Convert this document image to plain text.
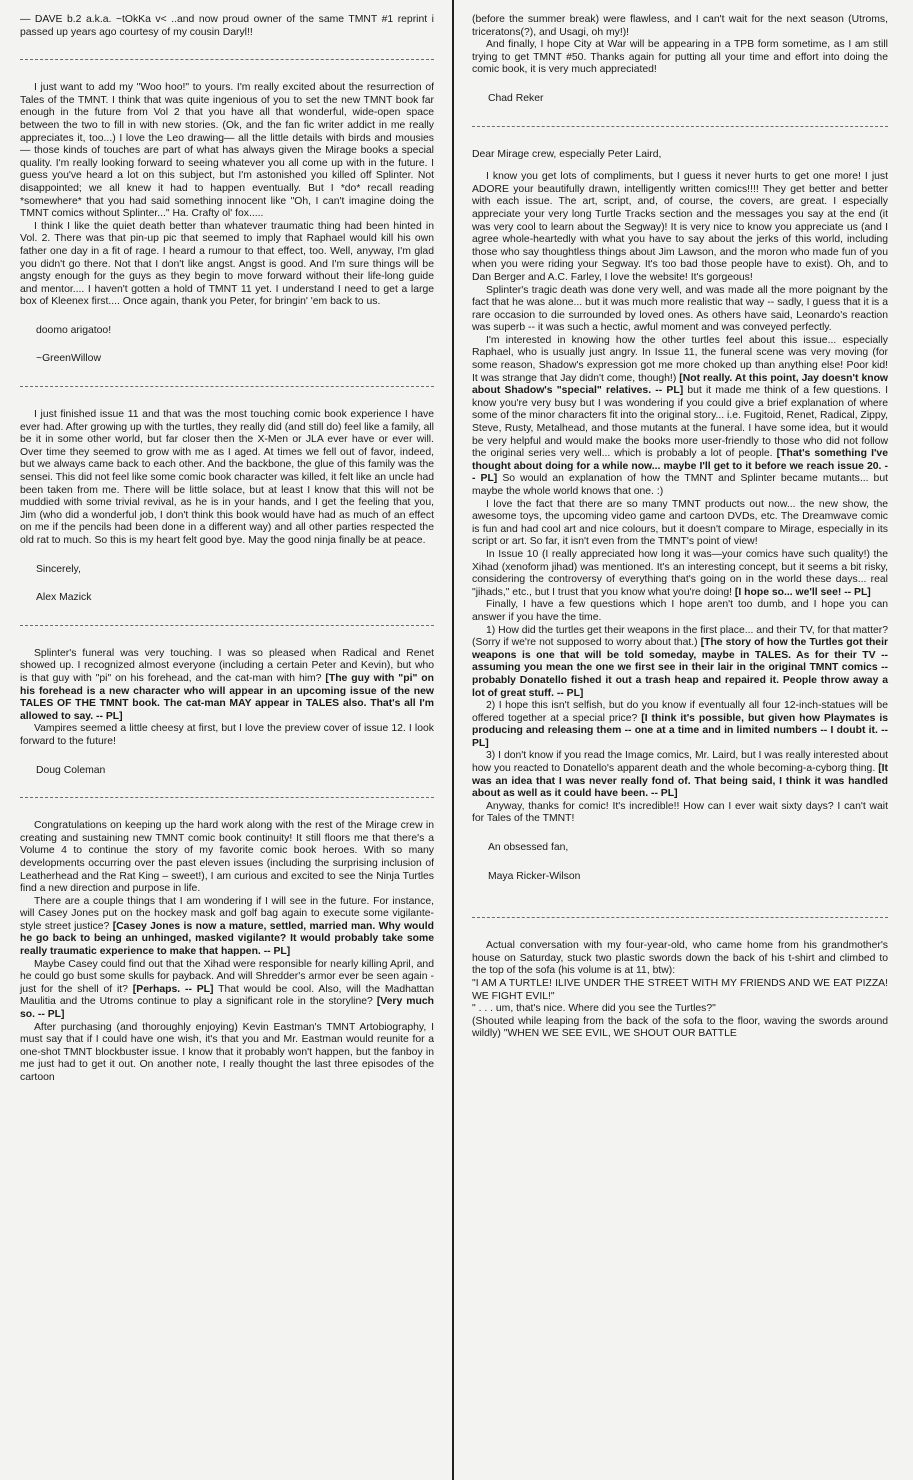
— DAVE b.2 a.k.a. ~tOkKa v< ..and now proud owner of the same TMNT #1 reprint i passed up years ago courtesy of my cousin Daryl!!

I just want to add my "Woo hoo!" to yours. I'm really excited about the resurrection of Tales of the TMNT. I think that was quite ingenious of you to set the new TMNT book far enough in the future from Vol 2 that you have all that wonderful, wide-open space between the two to fill in with new stories. (Ok, and the fan fic writer addict in me really appreciates it, too...) I love the Leo drawing— all the little details with birds and mousies — those kinds of touches are part of what has always given the Mirage books a special quality. I'm really looking forward to seeing whatever you all come up with in the future. I guess you've heard a lot on this subject, but I'm astonished you killed off Splinter. Not disappointed; we all knew it had to happen eventually. But I *do* recall reading *somewhere* that you had said something innocent like "Oh, I can't imagine doing the TMNT comics without Splinter..." Ha. Crafty ol' fox.....

I think I like the quiet death better than whatever traumatic thing had been hinted in Vol. 2. There was that pin-up pic that seemed to imply that Raphael would kill his own father one day in a fit of rage. I heard a rumour to that effect, too. Well, anyway, I'm glad you didn't go there. Not that I don't like angst. Angst is good. And I'm sure things will be angsty enough for the guys as they begin to move forward without their life-long guide and mentor.... I haven't gotten a hold of TMNT 11 yet. I understand I need to get a large box of Kleenex first.... Once again, thank you Peter, for bringin' 'em back to us.

doomo arigatoo!
~GreenWillow

I just finished issue 11 and that was the most touching comic book experience I have ever had. After growing up with the turtles, they really did (and still do) feel like a family, all be it in some other world, but far closer then the X-Men or JLA ever have or ever will. Over time they seemed to grow with me as I aged. At times we fell out of favor, indeed, but we always came back to each other. And the backbone, the glue of this family was the sensei. This did not feel like some comic book character was killed, it felt like an uncle had been taken from me. There will be little solace, but at least I know that this will not be muddied with some trivial revival, as he is in your hands, and I get the feeling that you, Jim (who did a wonderful job, I don't think this book would have had as much of an effect on me if the pencils had been done in a different way) and all other parties respected the old rat to much. So this is my heart felt good bye. May the good ninja finally be at peace.

Sincerely,
Alex Mazick

Splinter's funeral was very touching. I was so pleased when Radical and Renet showed up. I recognized almost everyone (including a certain Peter and Kevin), but who is that guy with "pi" on his forehead, and the cat-man with him? [The guy with "pi" on his forehead is a new character who will appear in an upcoming issue of the new TALES OF THE TMNT book. The cat-man MAY appear in TALES also. That's all I'm allowed to say. -- PL]

Vampires seemed a little cheesy at first, but I love the preview cover of issue 12. I look forward to the future!

Doug Coleman

Congratulations on keeping up the hard work along with the rest of the Mirage crew in creating and sustaining new TMNT comic book continuity! It still floors me that there's a Volume 4 to continue the story of my favorite comic book heroes. With so many developments occurring over the past eleven issues (including the surprising inclusion of Leatherhead and the Rat King – sweet!), I am curious and excited to see the Ninja Turtles find a new direction and purpose in life.

There are a couple things that I am wondering if I will see in the future. For instance, will Casey Jones put on the hockey mask and golf bag again to execute some vigilante-style street justice? [Casey Jones is now a mature, settled, married man. Why would he go back to being an unhinged, masked vigilante? It would probably take some really traumatic experience to make that happen. -- PL]

Maybe Casey could find out that the Xihad were responsible for nearly killing April, and he could go bust some skulls for payback. And will Shredder's armor ever be seen again - just for the shell of it? [Perhaps. -- PL] That would be cool. Also, will the Madhattan Maulitia and the Utroms continue to play a significant role in the storyline? [Very much so. -- PL]

After purchasing (and thoroughly enjoying) Kevin Eastman's TMNT Artobiography, I must say that if I could have one wish, it's that you and Mr. Eastman would reunite for a one-shot TMNT blockbuster issue. I know that it probably won't happen, but the fanboy in me just had to get it out. On another note, I really thought the last three episodes of the cartoon

(before the summer break) were flawless, and I can't wait for the next season (Utroms, triceratons(?), and Usagi, oh my!)!

And finally, I hope City at War will be appearing in a TPB form sometime, as I am still trying to get TMNT #50. Thanks again for putting all your time and effort into doing the comic book, it is very much appreciated!

Chad Reker

Dear Mirage crew, especially Peter Laird,

I know you get lots of compliments, but I guess it never hurts to get one more! I just ADORE your beautifully drawn, intelligently written comics!!!! They get better and better with each issue. The art, script, and, of course, the covers, are great. I especially appreciate your very long Turtle Tracks section and the messages you say at the end (it was very cool to learn about the Segway)! It is very nice to know you appreciate us (and I agree whole-heartedly with what you have to say about the jerks of this world, including those who say thoughtless things about Jim Lawson, and the moron who made fun of you when you were riding your Segway. It's too bad those people have to exist). Oh, and to Dan Berger and A.C. Farley, I love the website! It's gorgeous!

Splinter's tragic death was done very well, and was made all the more poignant by the fact that he was alone... but it was much more realistic that way -- sadly, I guess that it is a rare occasion to die surrounded by loved ones. As others have said, Leonardo's reaction was superb -- it was such a hectic, awful moment and was conveyed perfectly.

I'm interested in knowing how the other turtles feel about this issue... especially Raphael, who is usually just angry. In Issue 11, the funeral scene was very moving (for some reason, Shadow's expression got me more choked up than anything else! Poor kid! It was strange that Jay didn't come, though!) [Not really. At this point, Jay doesn't know about Shadow's "special" relatives. -- PL] but it made me think of a few questions. I know you're very busy but I was wondering if you could give a brief explanation of where some of the minor characters fit into the original story... i.e. Fugitoid, Renet, Radical, Zippy, Steve, Rusty, Metalhead, and those mutants at the funeral. I have some idea, but it would be very helpful and would make the books more user-friendly to those who did not follow the original series very well... which is probably a lot of people. [That's something I've thought about doing for a while now... maybe I'll get to it before we reach issue 20. -- PL] So would an explanation of how the TMNT and Splinter became mutants... but maybe the whole world knows that one. :)

I love the fact that there are so many TMNT products out now... the new show, the awesome toys, the upcoming video game and cartoon DVDs, etc. The Dreamwave comic is fun and had cool art and nice colours, but it doesn't compare to Mirage, especially in its script or art. So far, it isn't even from the TMNT's point of view!

In Issue 10 (I really appreciated how long it was—your comics have such quality!) the Xihad (xenoform jihad) was mentioned. It's an interesting concept, but it seems a bit risky, considering the controversy of everything that's going on in the world these days... real "jihads," etc., but I trust that you know what you're doing! [I hope so... we'll see! -- PL]

Finally, I have a few questions which I hope aren't too dumb, and I hope you can answer if you have the time.

1) How did the turtles get their weapons in the first place... and their TV, for that matter? (Sorry if we're not supposed to worry about that.) [The story of how the Turtles got their weapons is one that will be told someday, maybe in TALES. As for their TV -- assuming you mean the one we first see in their lair in the original TMNT comics -- probably Donatello fished it out a trash heap and repaired it. People throw away a lot of great stuff. -- PL]

2) I hope this isn't selfish, but do you know if eventually all four 12-inch-statues will be offered together at a special price? [I think it's possible, but given how Playmates is producing and releasing them -- one at a time and in limited numbers -- I doubt it. -- PL]

3) I don't know if you read the Image comics, Mr. Laird, but I was really interested about how you reacted to Donatello's apparent death and the whole becoming-a-cyborg thing. [It was an idea that I was never really fond of. That being said, I think it was handled about as well as it could have been. -- PL]

Anyway, thanks for comic! It's incredible!! How can I ever wait sixty days? I can't wait for Tales of the TMNT!

An obsessed fan,
Maya Ricker-Wilson

Actual conversation with my four-year-old, who came home from his grandmother's house on Saturday, stuck two plastic swords down the back of his t-shirt and climbed to the top of the sofa (his volume is at 11, btw):

"I AM A TURTLE! ILIVE UNDER THE STREET WITH MY FRIENDS AND WE EAT PIZZA! WE FIGHT EVIL!"

" . . . um, that's nice. Where did you see the Turtles?"

(Shouted while leaping from the back of the sofa to the floor, waving the swords around wildly) "WHEN WE SEE EVIL, WE SHOUT OUR BATTLE
